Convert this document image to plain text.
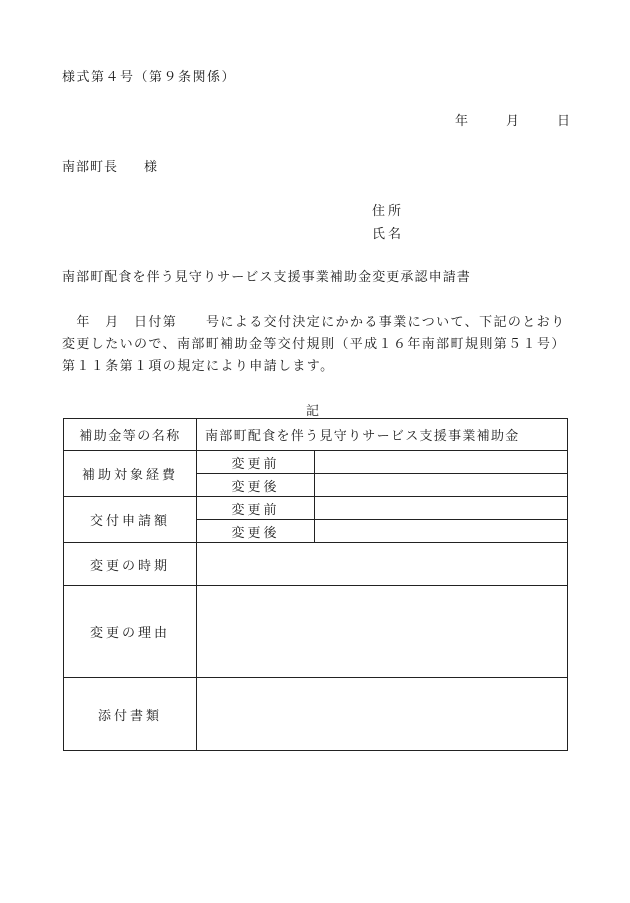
様式第４号（第９条関係）
年	月	日
南部町長 様
住所
氏名
南部町配食を伴う見守りサービス支援事業補助金変更承認申請書
　年　月　日付第　　号による交付決定にかかる事業について、下記のとおり変更したいので、南部町補助金等交付規則（平成１６年南部町規則第５１号）第１１条第１項の規定により申請します。
記
補助金等の名称	南部町配食を伴う見守りサービス支援事業補助金	
補助対象経費	変更前	
	変更後	
交付申請額	変更前	
	変更後	
変更の時期		
変更の理由		
添付書類		
